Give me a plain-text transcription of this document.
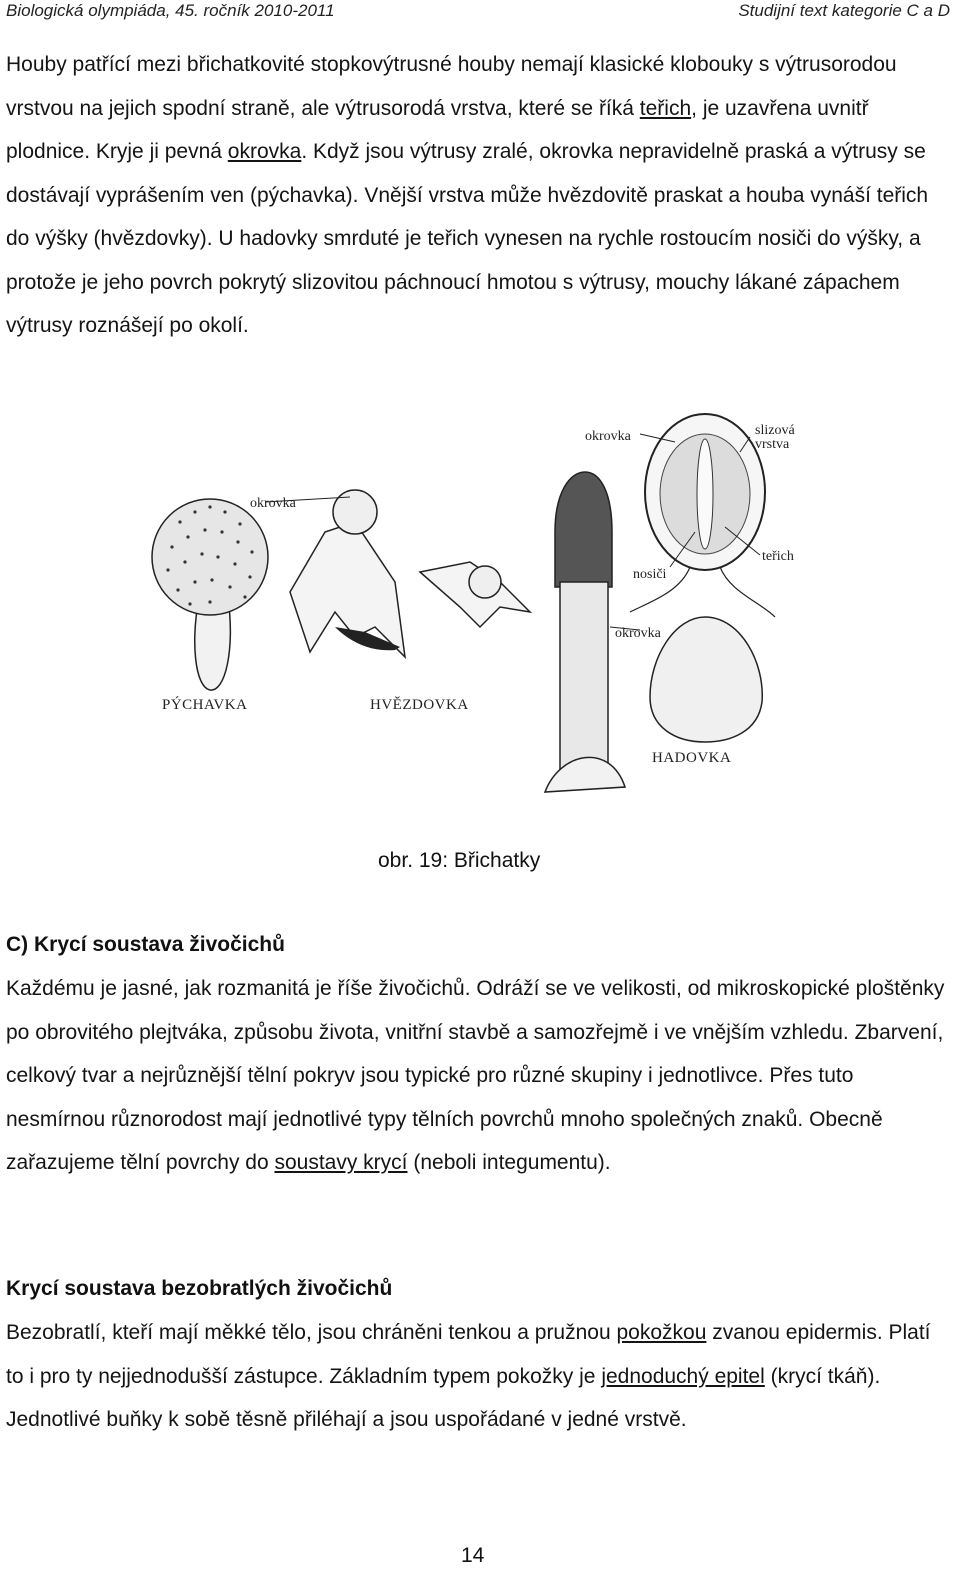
Biologická olympiáda, 45. ročník 2010-2011	Studijní text kategorie C a D

Houby patřící mezi břichatkovité stopkovýtrusné houby nemají klasické klobouky s výtrusorodou vrstvou na jejich spodní straně, ale výtrusorodá vrstva, které se říká teřich, je uzavřena uvnitř plodnice. Kryje ji pevná okrovka. Když jsou výtrusy zralé, okrovka nepravidelně praská a výtrusy se dostávají vyprášením ven (pýchavka). Vnější vrstva může hvězdovitě praskat a houba vynáší teřich do výšky (hvězdovky). U hadovky smrduté je teřich vynesen na rychle rostoucím nosiči do výšky, a protože je jeho povrch pokrytý slizovitou páchnoucí hmotou s výtrusy, mouchy lákané zápachem výtrusy roznášejí po okolí.

okrovka	slizová
vrstva
okrovka
teřich
nosiči
okrovka
PÝCHAVKA	HVĚZDOVKA
HADOVKA
obr. 19: Břichatky
C) Krycí soustava živočichů

Každému je jasné, jak rozmanitá je říše živočichů. Odráží se ve velikosti, od mikroskopické ploštěnky po obrovitého plejtváka, způsobu života, vnitřní stavbě a samozřejmě i ve vnějším vzhledu. Zbarvení, celkový tvar a nejrůznější tělní pokryv jsou typické pro různé skupiny i jednotlivce. Přes tuto nesmírnou různorodost mají jednotlivé typy tělních povrchů mnoho společných znaků. Obecně zařazujeme tělní povrchy do soustavy krycí (neboli integumentu).

Krycí soustava bezobratlých živočichů

Bezobratlí, kteří mají měkké tělo, jsou chráněni tenkou a pružnou pokožkou zvanou epidermis. Platí to i pro ty nejjednodušší zástupce. Základním typem pokožky je jednoduchý epitel (krycí tkáň). Jednotlivé buňky k sobě těsně přiléhají a jsou uspořádané v jedné vrstvě.

14
